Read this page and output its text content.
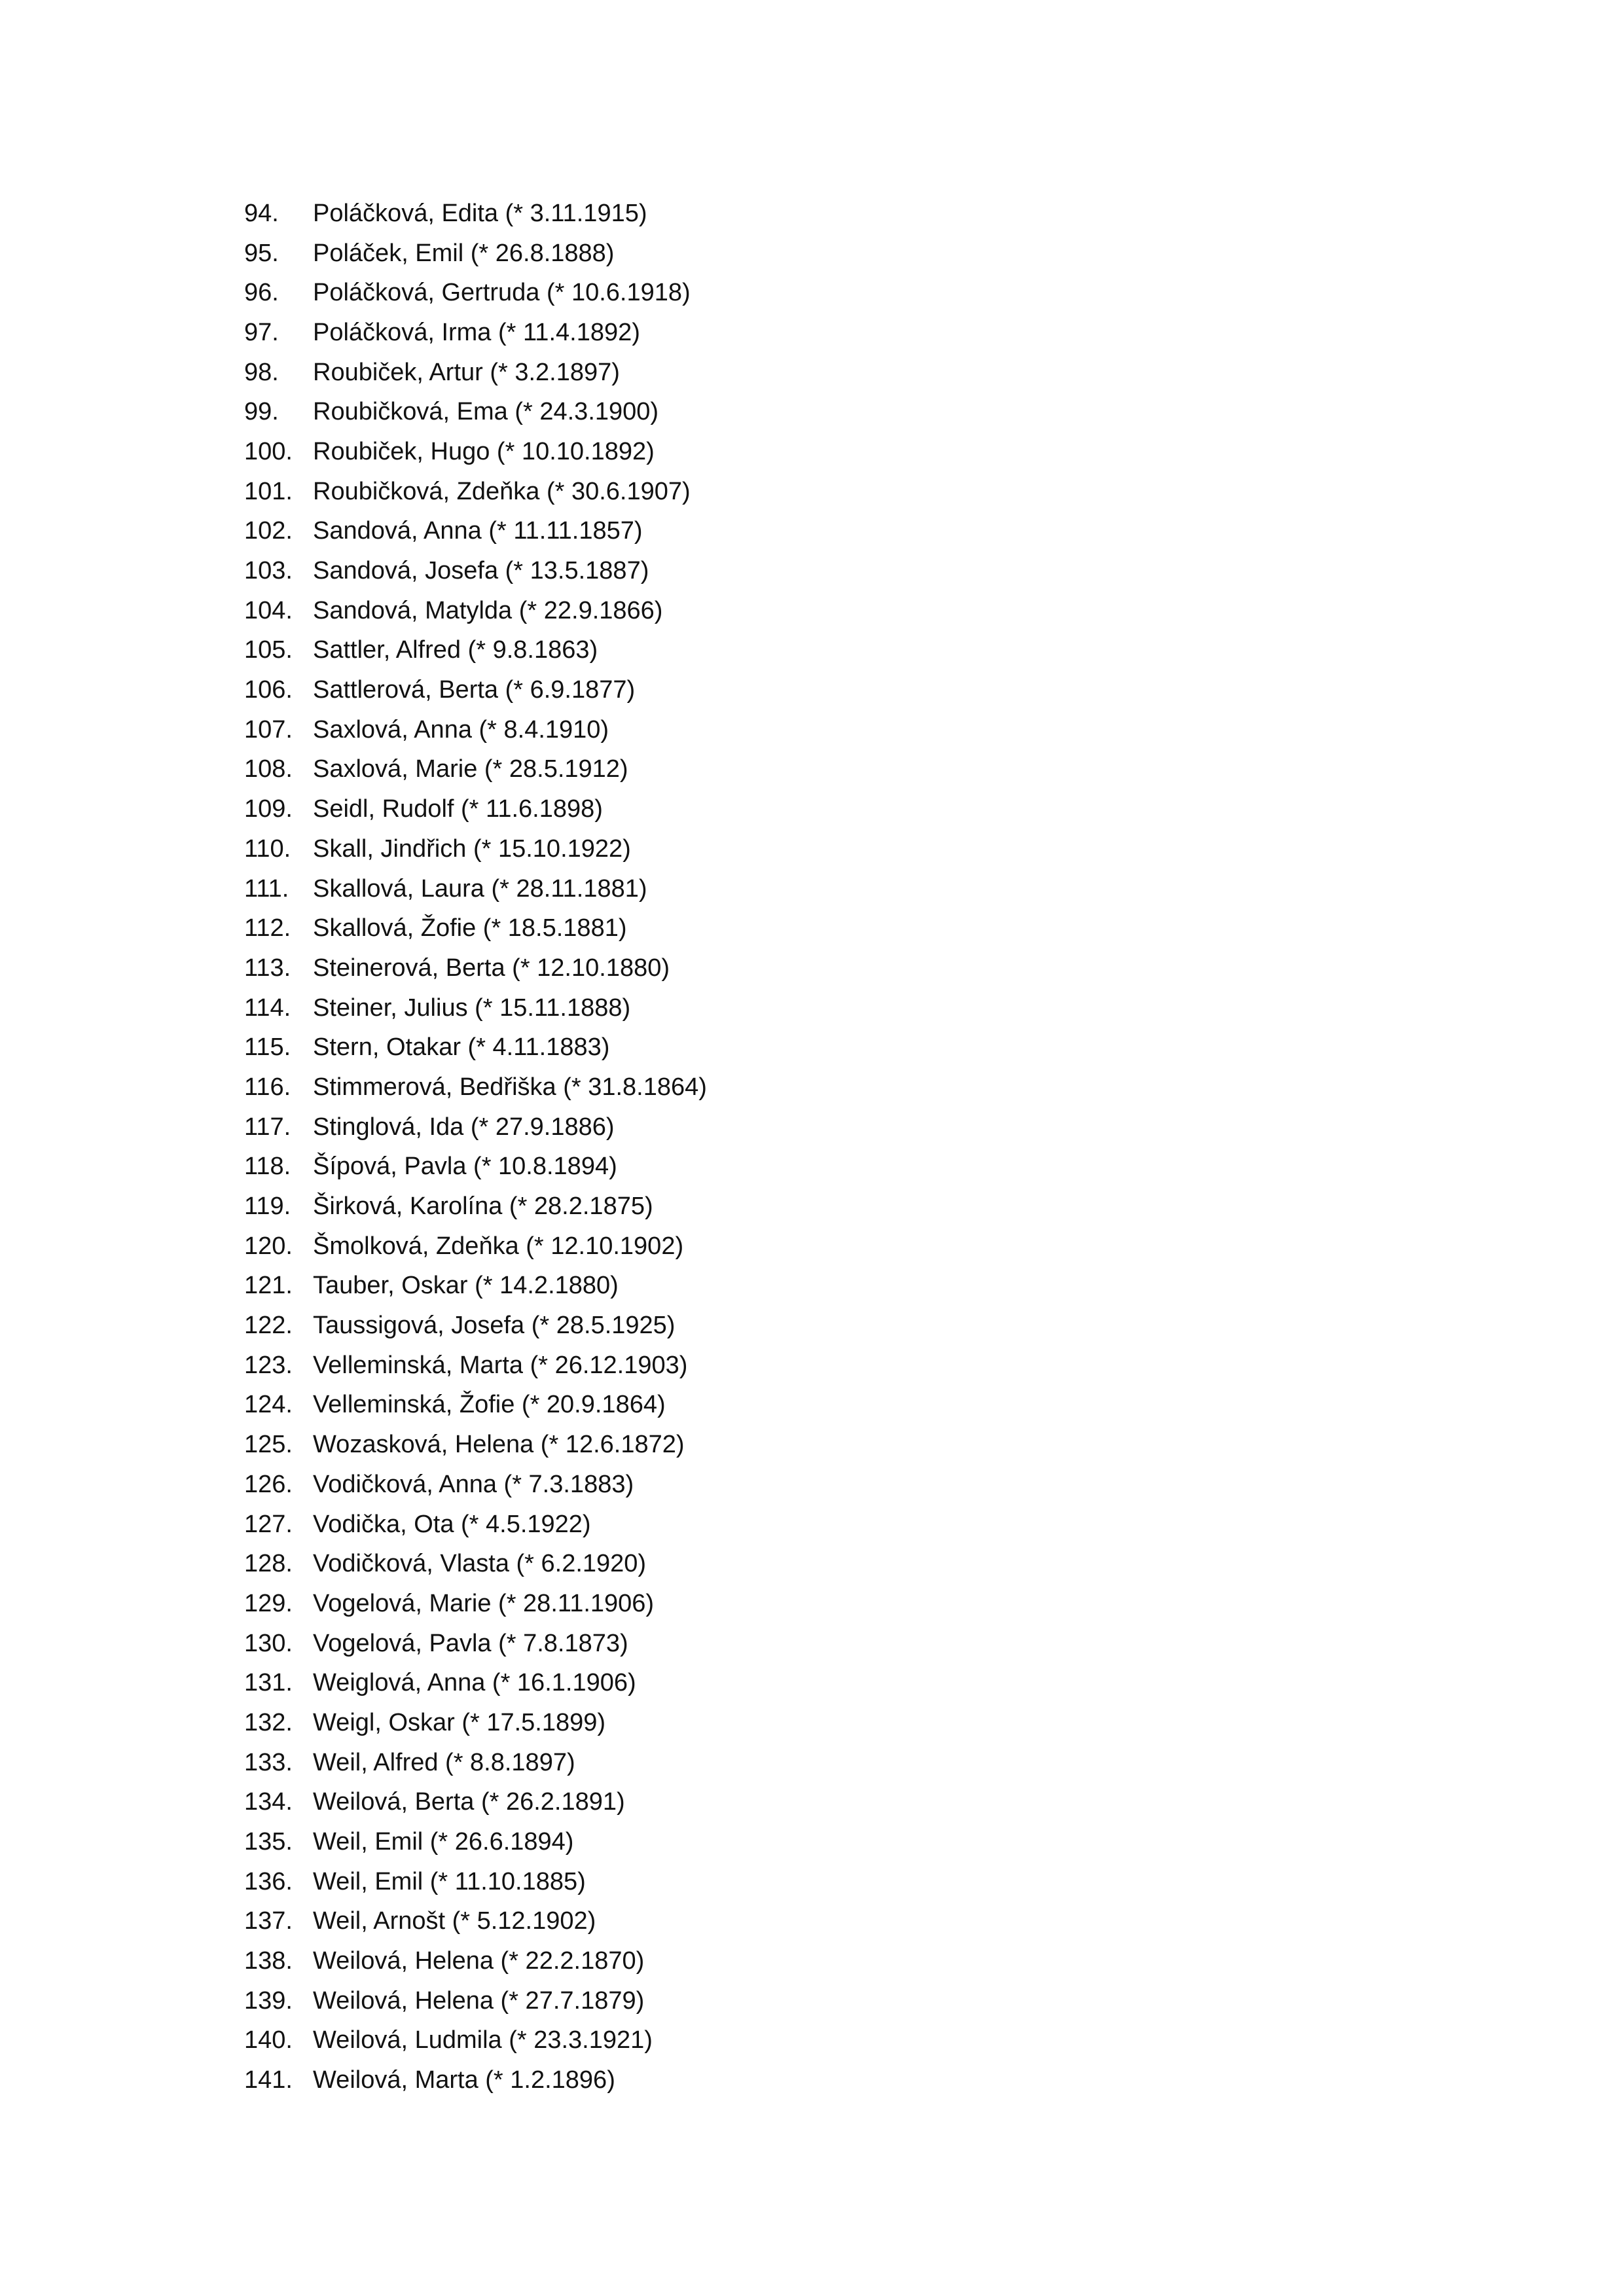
94.	Poláčková, Edita (* 3.11.1915)
95.	Poláček, Emil (* 26.8.1888)
96.	Poláčková, Gertruda (* 10.6.1918)
97.	Poláčková, Irma (* 11.4.1892)
98.	Roubiček, Artur (* 3.2.1897)
99.	Roubičková, Ema (* 24.3.1900)
100. Roubiček, Hugo (* 10.10.1892)
101. Roubičková, Zdeňka (* 30.6.1907)
102. Sandová, Anna (* 11.11.1857)
103. Sandová, Josefa (* 13.5.1887)
104. Sandová, Matylda (* 22.9.1866)
105. Sattler, Alfred (* 9.8.1863)
106. Sattlerová, Berta (* 6.9.1877)
107. Saxlová, Anna (* 8.4.1910)
108. Saxlová, Marie (* 28.5.1912)
109. Seidl, Rudolf (* 11.6.1898)
110. Skall, Jindřich (* 15.10.1922)
111. Skallová, Laura (* 28.11.1881)
112. Skallová, Žofie (* 18.5.1881)
113. Steinerová, Berta (* 12.10.1880)
114. Steiner, Julius (* 15.11.1888)
115. Stern, Otakar (* 4.11.1883)
116. Stimmerová, Bedřiška (* 31.8.1864)
117. Stinglová, Ida (* 27.9.1886)
118. Šípová, Pavla (* 10.8.1894)
119. Širková, Karolína (* 28.2.1875)
120. Šmolková, Zdeňka (* 12.10.1902)
121. Tauber, Oskar (* 14.2.1880)
122. Taussigová, Josefa (* 28.5.1925)
123. Velleminská, Marta (* 26.12.1903)
124. Velleminská, Žofie (* 20.9.1864)
125. Wozasková, Helena (* 12.6.1872)
126. Vodičková, Anna (* 7.3.1883)
127. Vodička, Ota (* 4.5.1922)
128. Vodičková, Vlasta (* 6.2.1920)
129. Vogelová, Marie (* 28.11.1906)
130. Vogelová, Pavla (* 7.8.1873)
131. Weiglová, Anna (* 16.1.1906)
132. Weigl, Oskar (* 17.5.1899)
133. Weil, Alfred (* 8.8.1897)
134. Weilová, Berta (* 26.2.1891)
135. Weil, Emil (* 26.6.1894)
136. Weil, Emil (* 11.10.1885)
137. Weil, Arnošt (* 5.12.1902)
138. Weilová, Helena (* 22.2.1870)
139. Weilová, Helena (* 27.7.1879)
140. Weilová, Ludmila (* 23.3.1921)
141. Weilová, Marta (* 1.2.1896)
